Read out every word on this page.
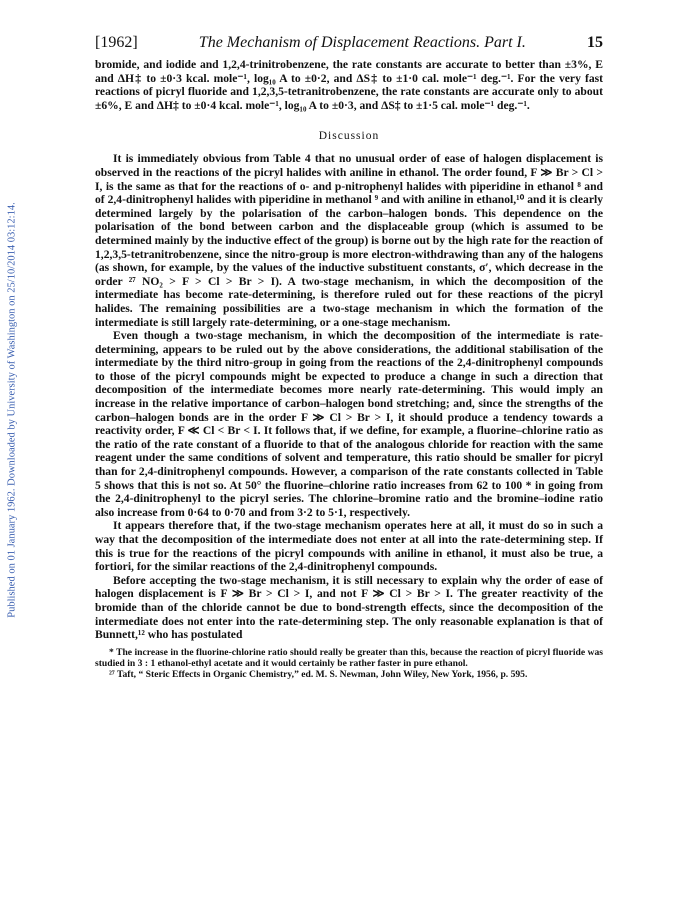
Published on 01 January 1962. Downloaded by University of Washington on 25/10/2014 03:12:14.
[1962]	The Mechanism of Displacement Reactions. Part I.	15

bromide, and iodide and 1,2,4-trinitrobenzene, the rate constants are accurate to better than ±3%, E and ΔH‡ to ±0·3 kcal. mole⁻¹, log₁₀ A to ±0·2, and ΔS‡ to ±1·0 cal. mole⁻¹ deg.⁻¹. For the very fast reactions of picryl fluoride and 1,2,3,5-tetranitrobenzene, the rate constants are accurate only to about ±6%, E and ΔH‡ to ±0·4 kcal. mole⁻¹, log₁₀ A to ±0·3, and ΔS‡ to ±1·5 cal. mole⁻¹ deg.⁻¹.

Discussion

It is immediately obvious from Table 4 that no unusual order of ease of halogen displacement is observed in the reactions of the picryl halides with aniline in ethanol. The order found, F ≫ Br > Cl > I, is the same as that for the reactions of o- and p-nitrophenyl halides with piperidine in ethanol ⁸ and of 2,4-dinitrophenyl halides with piperidine in methanol ⁹ and with aniline in ethanol,¹⁰ and it is clearly determined largely by the polarisation of the carbon–halogen bonds. This dependence on the polarisation of the bond between carbon and the displaceable group (which is assumed to be determined mainly by the inductive effect of the group) is borne out by the high rate for the reaction of 1,2,3,5-tetranitrobenzene, since the nitro-group is more electron-withdrawing than any of the halogens (as shown, for example, by the values of the inductive substituent constants, σ′, which decrease in the order ²⁷ NO₂ > F > Cl > Br > I). A two-stage mechanism, in which the decomposition of the intermediate has become rate-determining, is therefore ruled out for these reactions of the picryl halides. The remaining possibilities are a two-stage mechanism in which the formation of the intermediate is still largely rate-determining, or a one-stage mechanism.

Even though a two-stage mechanism, in which the decomposition of the intermediate is rate-determining, appears to be ruled out by the above considerations, the additional stabilisation of the intermediate by the third nitro-group in going from the reactions of the 2,4-dinitrophenyl compounds to those of the picryl compounds might be expected to produce a change in such a direction that decomposition of the intermediate becomes more nearly rate-determining. This would imply an increase in the relative importance of carbon–halogen bond stretching; and, since the strengths of the carbon–halogen bonds are in the order F ≫ Cl > Br > I, it should produce a tendency towards a reactivity order, F ≪ Cl < Br < I. It follows that, if we define, for example, a fluorine–chlorine ratio as the ratio of the rate constant of a fluoride to that of the analogous chloride for reaction with the same reagent under the same conditions of solvent and temperature, this ratio should be smaller for picryl than for 2,4-dinitrophenyl compounds. However, a comparison of the rate constants collected in Table 5 shows that this is not so. At 50° the fluorine–chlorine ratio increases from 62 to 100 * in going from the 2,4-dinitrophenyl to the picryl series. The chlorine–bromine ratio and the bromine–iodine ratio also increase from 0·64 to 0·70 and from 3·2 to 5·1, respectively.

It appears therefore that, if the two-stage mechanism operates here at all, it must do so in such a way that the decomposition of the intermediate does not enter at all into the rate-determining step. If this is true for the reactions of the picryl compounds with aniline in ethanol, it must also be true, a fortiori, for the similar reactions of the 2,4-dinitrophenyl compounds.

Before accepting the two-stage mechanism, it is still necessary to explain why the order of ease of halogen displacement is F ≫ Br > Cl > I, and not F ≫ Cl > Br > I. The greater reactivity of the bromide than of the chloride cannot be due to bond-strength effects, since the decomposition of the intermediate does not enter into the rate-determining step. The only reasonable explanation is that of Bunnett,¹² who has postulated

* The increase in the fluorine-chlorine ratio should really be greater than this, because the reaction of picryl fluoride was studied in 3 : 1 ethanol-ethyl acetate and it would certainly be rather faster in pure ethanol.

²⁷ Taft, “ Steric Effects in Organic Chemistry,” ed. M. S. Newman, John Wiley, New York, 1956, p. 595.
